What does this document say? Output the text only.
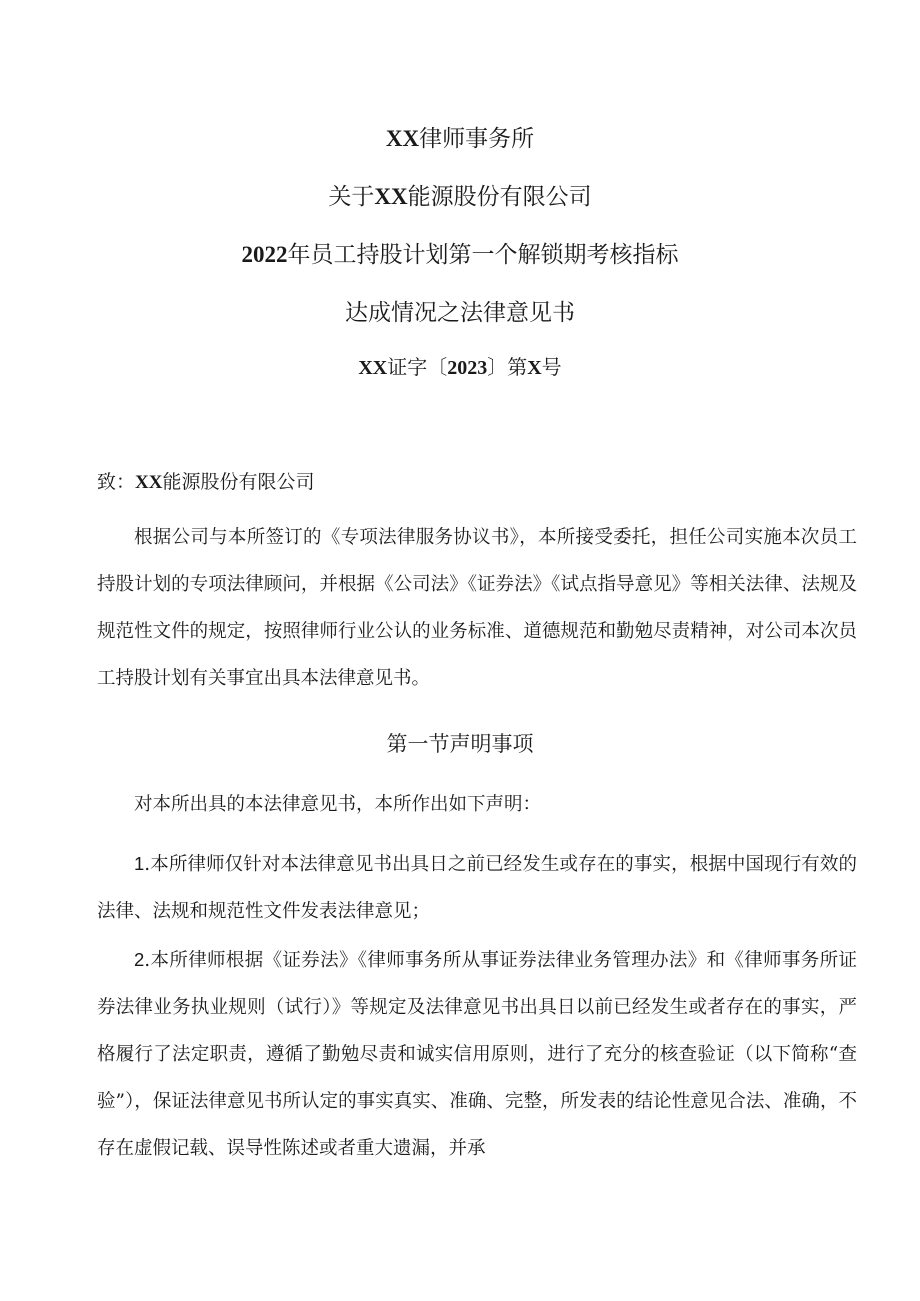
XX律师事务所
关于XX能源股份有限公司
2022年员工持股计划第一个解锁期考核指标
达成情况之法律意见书
XX证字〔2023〕第X号
致：XX能源股份有限公司

根据公司与本所签订的《专项法律服务协议书》，本所接受委托，担任公司实施本次员工持股计划的专项法律顾问，并根据《公司法》《证券法》《试点指导意见》等相关法律、法规及规范性文件的规定，按照律师行业公认的业务标准、道德规范和勤勉尽责精神，对公司本次员工持股计划有关事宜出具本法律意见书。

第一节声明事项

对本所出具的本法律意见书，本所作出如下声明：

1.本所律师仅针对本法律意见书出具日之前已经发生或存在的事实，根据中国现行有效的法律、法规和规范性文件发表法律意见；

2.本所律师根据《证券法》《律师事务所从事证券法律业务管理办法》和《律师事务所证券法律业务执业规则（试行）》等规定及法律意见书出具日以前已经发生或者存在的事实，严格履行了法定职责，遵循了勤勉尽责和诚实信用原则，进行了充分的核查验证（以下简称“查验”），保证法律意见书所认定的事实真实、准确、完整，所发表的结论性意见合法、准确，不存在虚假记载、误导性陈述或者重大遗漏，并承
